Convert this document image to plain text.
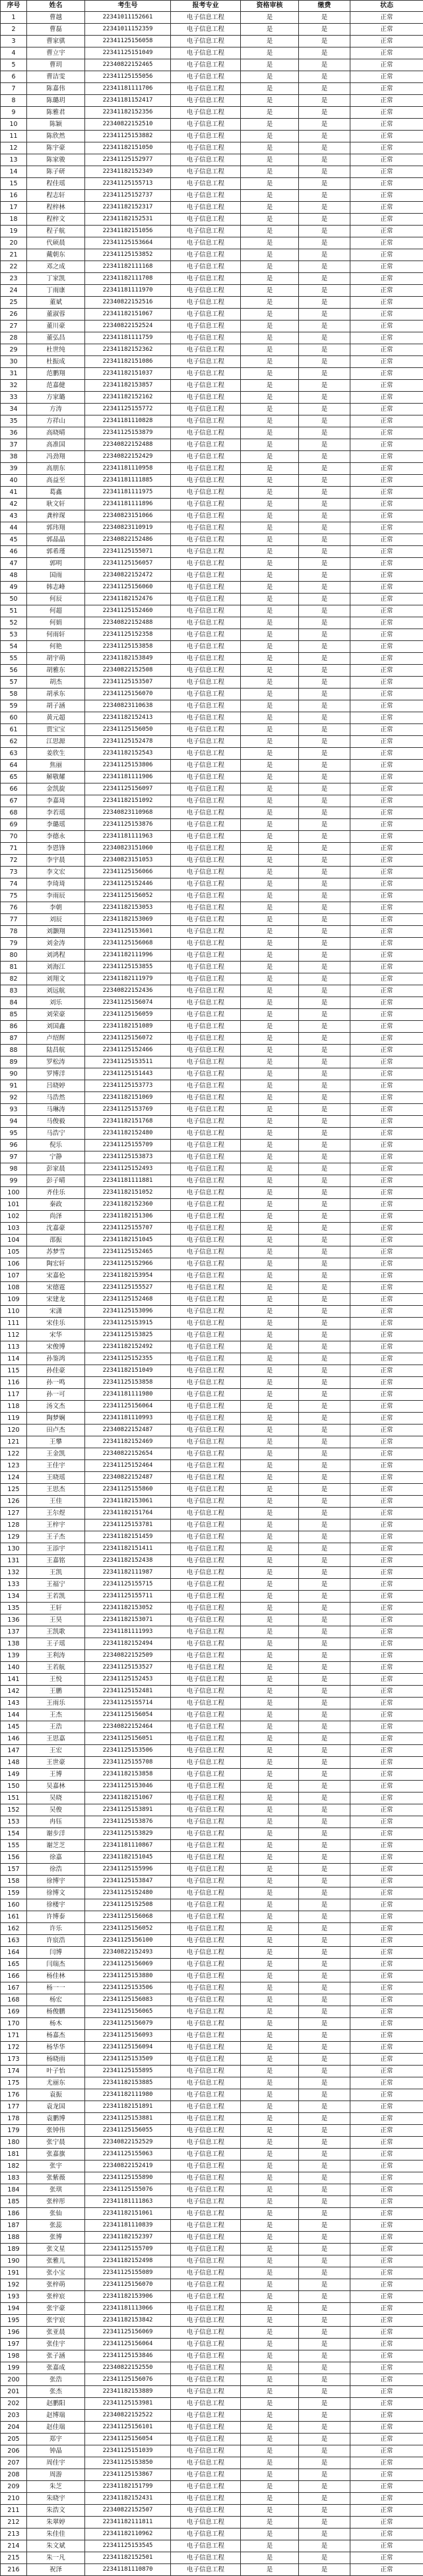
序号	姓名	考生号	报考专业	资格审核	缴费	状态
1	曹越	22341011152661	电子信息工程	是	是	正常
2	曹磊	22341011152359	电子信息工程	是	是	正常
3	曹家骐	22341125156058	电子信息工程	是	是	正常
4	曹立宇	22341125151049	电子信息工程	是	是	正常
5	曹玥	22340822152465	电子信息工程	是	是	正常
6	曹洁雯	22341125155056	电子信息工程	是	是	正常
7	陈嘉伟	22341181111706	电子信息工程	是	是	正常
8	陈璐玥	22341181152417	电子信息工程	是	是	正常
9	陈雅君	22341182152356	电子信息工程	是	是	正常
10	陈颖	22340822152510	电子信息工程	是	是	正常
11	陈欣然	22341125153882	电子信息工程	是	是	正常
12	陈宇豪	22341182151050	电子信息工程	是	是	正常
13	陈家骏	22341125152977	电子信息工程	是	是	正常
14	陈子研	22341182152349	电子信息工程	是	是	正常
15	程佳瑶	22341125155713	电子信息工程	是	是	正常
16	程志轩	22341125152737	电子信息工程	是	是	正常
17	程梓林	22341182152317	电子信息工程	是	是	正常
18	程梓文	22341182152531	电子信息工程	是	是	正常
19	程子航	22341182151056	电子信息工程	是	是	正常
20	代硕晨	22341125153664	电子信息工程	是	是	正常
21	戴朝东	22341125153852	电子信息工程	是	是	正常
22	邓之成	22341182111168	电子信息工程	是	是	正常
23	丁家凯	22341182111708	电子信息工程	是	是	正常
24	丁雨康	22341181111970	电子信息工程	是	是	正常
25	董斌	22340822152516	电子信息工程	是	是	正常
26	董淑蓉	22341182151067	电子信息工程	是	是	正常
27	董川豪	22340822152524	电子信息工程	是	是	正常
28	董弘昌	22341181111759	电子信息工程	是	是	正常
29	杜世纯	22341182152362	电子信息工程	是	是	正常
30	杜振成	22341182151086	电子信息工程	是	是	正常
31	范鹏翔	22341182151037	电子信息工程	是	是	正常
32	范嘉健	22341182153857	电子信息工程	是	是	正常
33	方家璐	22341182152162	电子信息工程	是	是	正常
34	方涛	22341125155772	电子信息工程	是	是	正常
35	方祥山	22341181110828	电子信息工程	是	是	正常
36	高晓晴	22341125153879	电子信息工程	是	是	正常
37	高准国	22340822152488	电子信息工程	是	是	正常
38	冯劲翔	22340822152429	电子信息工程	是	是	正常
39	高朋东	22341181110958	电子信息工程	是	是	正常
40	高益至	22341181111885	电子信息工程	是	是	正常
41	葛鑫	22341181111975	电子信息工程	是	是	正常
42	耿文轩	22341181111896	电子信息工程	是	是	正常
43	龚梓琛	22340823151066	电子信息工程	是	是	正常
44	郭玮翔	22340823110919	电子信息工程	是	是	正常
45	郭晶晶	22340822152486	电子信息工程	是	是	正常
46	郭希瑾	22341125155071	电子信息工程	是	是	正常
47	郭明	22341125156057	电子信息工程	是	是	正常
48	国雨	22340822152472	电子信息工程	是	是	正常
49	韩志峰	22341125156060	电子信息工程	是	是	正常
50	何辰	22341182152476	电子信息工程	是	是	正常
51	何超	22341125152460	电子信息工程	是	是	正常
52	何娟	22340822152488	电子信息工程	是	是	正常
53	何雨轩	22341125152358	电子信息工程	是	是	正常
54	何艳	22341125153858	电子信息工程	是	是	正常
55	胡宇萌	22341182153849	电子信息工程	是	是	正常
56	胡雅东	22340822152508	电子信息工程	是	是	正常
57	胡杰	22341125153507	电子信息工程	是	是	正常
58	胡承东	22341125156070	电子信息工程	是	是	正常
59	胡子涵	22340823110638	电子信息工程	是	是	正常
60	黄元超	22341182152413	电子信息工程	是	是	正常
61	贾宝宝	22341125156050	电子信息工程	是	是	正常
62	江思源	22341125152478	电子信息工程	是	是	正常
63	姜欣生	22341182152543	电子信息工程	是	是	正常
64	焦丽	22341125153806	电子信息工程	是	是	正常
65	解敬耀	22341181111906	电子信息工程	是	是	正常
66	金凯旋	22341125156097	电子信息工程	是	是	正常
67	李嘉琦	22341182151092	电子信息工程	是	是	正常
68	李若瑶	22340823110968	电子信息工程	是	是	正常
69	李璐瑶	22341125153876	电子信息工程	是	是	正常
70	李德永	22341181111963	电子信息工程	是	是	正常
71	李恩锋	22340823151060	电子信息工程	是	是	正常
72	李宇晨	22340823151053	电子信息工程	是	是	正常
73	李文宏	22341125156066	电子信息工程	是	是	正常
74	李琦琦	22341125152446	电子信息工程	是	是	正常
75	李雨辰	22341125156052	电子信息工程	是	是	正常
76	李朝	22341182153053	电子信息工程	是	是	正常
77	刘辰	22341182153069	电子信息工程	是	是	正常
78	刘灏翔	22341125153601	电子信息工程	是	是	正常
79	刘金涛	22341125156068	电子信息工程	是	是	正常
80	刘鸿程	22341182111996	电子信息工程	是	是	正常
81	刘海江	22341125153855	电子信息工程	是	是	正常
82	刘翔文	22341182111979	电子信息工程	是	是	正常
83	刘远航	22340822152436	电子信息工程	是	是	正常
84	刘乐	22341125156074	电子信息工程	是	是	正常
85	刘荣豪	22341125156059	电子信息工程	是	是	正常
86	刘国鑫	22341182151089	电子信息工程	是	是	正常
87	卢绍辉	22341125156072	电子信息工程	是	是	正常
88	陆昌航	22341125152466	电子信息工程	是	是	正常
89	罗松涛	22341125153511	电子信息工程	是	是	正常
90	罗博洋	22341125151443	电子信息工程	是	是	正常
91	吕晓婷	22341125153773	电子信息工程	是	是	正常
92	马浩然	22341182151069	电子信息工程	是	是	正常
93	马琳涛	22341125153769	电子信息工程	是	是	正常
94	马俊毅	22341182151768	电子信息工程	是	是	正常
95	马浩宁	22341182152480	电子信息工程	是	是	正常
96	倪乐	22341125155709	电子信息工程	是	是	正常
97	宁静	22341125153873	电子信息工程	是	是	正常
98	彭家晨	22341125152493	电子信息工程	是	是	正常
99	彭子晴	22341181111881	电子信息工程	是	是	正常
100	齐佳乐	22341182151052	电子信息工程	是	是	正常
101	秦政	22341182152360	电子信息工程	是	是	正常
102	尚泽	22341182151306	电子信息工程	是	是	正常
103	沈嘉豪	22341125155707	电子信息工程	是	是	正常
104	邵振	22341182151045	电子信息工程	是	是	正常
105	苏梦雪	22341125152465	电子信息工程	是	是	正常
106	陶宏轩	22341125152966	电子信息工程	是	是	正常
107	宋嘉伦	22341182153954	电子信息工程	是	是	正常
108	宋德霆	22341125155527	电子信息工程	是	是	正常
109	宋建龙	22341125152468	电子信息工程	是	是	正常
110	宋潇	22341125153096	电子信息工程	是	是	正常
111	宋佳乐	22341125153915	电子信息工程	是	是	正常
112	宋华	22341125153825	电子信息工程	是	是	正常
113	宋俊博	22341182152492	电子信息工程	是	是	正常
114	孙鉴鸿	22341125152355	电子信息工程	是	是	正常
115	孙佳豪	22341182151049	电子信息工程	是	是	正常
116	孙一鸣	22341125153858	电子信息工程	是	是	正常
117	孙一可	22341181111980	电子信息工程	是	是	正常
118	汤文杰	22341125156064	电子信息工程	是	是	正常
119	陶梦娴	22341181110993	电子信息工程	是	是	正常
120	田卢杰	22340822152487	电子信息工程	是	是	正常
121	王攀	22341182152469	电子信息工程	是	是	正常
122	王金凯	22340822152654	电子信息工程	是	是	正常
123	王佳宇	22341125152464	电子信息工程	是	是	正常
124	王晓瑶	22340822152487	电子信息工程	是	是	正常
125	王思杰	22341125155860	电子信息工程	是	是	正常
126	王佳	22341182153061	电子信息工程	是	是	正常
127	王尔煜	22341182151764	电子信息工程	是	是	正常
128	王梓宇	22341125153781	电子信息工程	是	是	正常
129	王子杰	22341182151459	电子信息工程	是	是	正常
130	王添宇	22341182151411	电子信息工程	是	是	正常
131	王嘉铭	22341182152438	电子信息工程	是	是	正常
132	王凯	22341182111987	电子信息工程	是	是	正常
133	王福宁	22341125155715	电子信息工程	是	是	正常
134	王若凯	22341125155711	电子信息工程	是	是	正常
135	王轩	22341182153052	电子信息工程	是	是	正常
136	王昊	22341182153071	电子信息工程	是	是	正常
137	王凯歌	22341181111993	电子信息工程	是	是	正常
138	王子瑶	22341182152494	电子信息工程	是	是	正常
139	王利涛	22340822152509	电子信息工程	是	是	正常
140	王若航	22341125153527	电子信息工程	是	是	正常
141	王悦	22341125152453	电子信息工程	是	是	正常
142	王鹏	22341125152481	电子信息工程	是	是	正常
143	王雨乐	22341125155714	电子信息工程	是	是	正常
144	王杰	22341125156054	电子信息工程	是	是	正常
145	王浩	22340822152464	电子信息工程	是	是	正常
146	王思嘉	22341125156051	电子信息工程	是	是	正常
147	王宏	22341125153506	电子信息工程	是	是	正常
148	王世豪	22341125155708	电子信息工程	是	是	正常
149	王博	22341182153858	电子信息工程	是	是	正常
150	吴嘉林	22341125153046	电子信息工程	是	是	正常
151	吴晓	22341182151067	电子信息工程	是	是	正常
152	吴俊	22341125153891	电子信息工程	是	是	正常
153	冉钰	22341125153876	电子信息工程	是	是	正常
154	谢步洋	22341125153829	电子信息工程	是	是	正常
155	谢芝芝	22341181110867	电子信息工程	是	是	正常
156	徐嘉	22341182151045	电子信息工程	是	是	正常
157	徐浩	22341125155996	电子信息工程	是	是	正常
158	徐博宇	22341125153847	电子信息工程	是	是	正常
159	徐博文	22341125152480	电子信息工程	是	是	正常
160	徐楼宇	22341125152508	电子信息工程	是	是	正常
161	许博泰	22341125156068	电子信息工程	是	是	正常
162	许乐	22341125156052	电子信息工程	是	是	正常
163	许宸浩	22341125156100	电子信息工程	是	是	正常
164	闫博	22340822152493	电子信息工程	是	是	正常
165	闫瑞杰	22341125156069	电子信息工程	是	是	正常
166	杨佳林	22341125153880	电子信息工程	是	是	正常
167	杨一一	22341125153506	电子信息工程	是	是	正常
168	杨宏	22341125156083	电子信息工程	是	是	正常
169	杨俊鹏	22341125156065	电子信息工程	是	是	正常
170	杨木	22341125156079	电子信息工程	是	是	正常
171	杨嘉杰	22341125156093	电子信息工程	是	是	正常
172	杨华华	22341125156094	电子信息工程	是	是	正常
173	杨晓雨	22341125153509	电子信息工程	是	是	正常
174	叶子怡	22341125155895	电子信息工程	是	是	正常
175	尤丽东	22341182153885	电子信息工程	是	是	正常
176	袁振	22341182111980	电子信息工程	是	是	正常
177	袁龙国	22341182151891	电子信息工程	是	是	正常
178	袁鹏博	22341125153881	电子信息工程	是	是	正常
179	张钟伟	22341125156055	电子信息工程	是	是	正常
180	张宁晨	22340822152529	电子信息工程	是	是	正常
181	张嘉旗	22341125155063	电子信息工程	是	是	正常
182	张宇	22340822152419	电子信息工程	是	是	正常
183	张紫薇	22341125155890	电子信息工程	是	是	正常
184	张琪	22341125155076	电子信息工程	是	是	正常
185	张梓彤	22341181111863	电子信息工程	是	是	正常
186	张仙	22341182151061	电子信息工程	是	是	正常
187	张蕊	22341181110839	电子信息工程	是	是	正常
188	张博	22341182152397	电子信息工程	是	是	正常
189	张文星	22341125155709	电子信息工程	是	是	正常
190	张雅儿	22341182152498	电子信息工程	是	是	正常
191	张小宝	22341125155089	电子信息工程	是	是	正常
192	张梓萌	22341125156070	电子信息工程	是	是	正常
193	张梓宸	22341182153906	电子信息工程	是	是	正常
194	张宇豪	22341181113066	电子信息工程	是	是	正常
195	张宇宸	22341182153842	电子信息工程	是	是	正常
196	张亚晨	22341125156069	电子信息工程	是	是	正常
197	张佳宇	22341125156064	电子信息工程	是	是	正常
198	张子涵	22341125153846	电子信息工程	是	是	正常
199	张嘉成	22340822152550	电子信息工程	是	是	正常
200	张浩	22341125156076	电子信息工程	是	是	正常
201	张杰	22341182153889	电子信息工程	是	是	正常
202	赵鹏阳	22341125153981	电子信息工程	是	是	正常
203	赵博瑞	22340822152522	电子信息工程	是	是	正常
204	赵佳瑞	22341125156101	电子信息工程	是	是	正常
205	郑宇	22341125156054	电子信息工程	是	是	正常
206	钟晶	22341125151039	电子信息工程	是	是	正常
207	周佳宇	22341125153850	电子信息工程	是	是	正常
208	周游	22341125153867	电子信息工程	是	是	正常
209	朱芝	22341182151799	电子信息工程	是	是	正常
210	朱晓宇	22341182152431	电子信息工程	是	是	正常
211	朱浩文	22340822152507	电子信息工程	是	是	正常
212	朱翠婷	22341182111811	电子信息工程	是	是	正常
213	朱佳佳	22341182110962	电子信息工程	是	是	正常
214	朱文斌	22341125153545	电子信息工程	是	是	正常
215	朱一凡	22341182152501	电子信息工程	是	是	正常
216	祝泽	22341181110870	电子信息工程	是	是	正常
